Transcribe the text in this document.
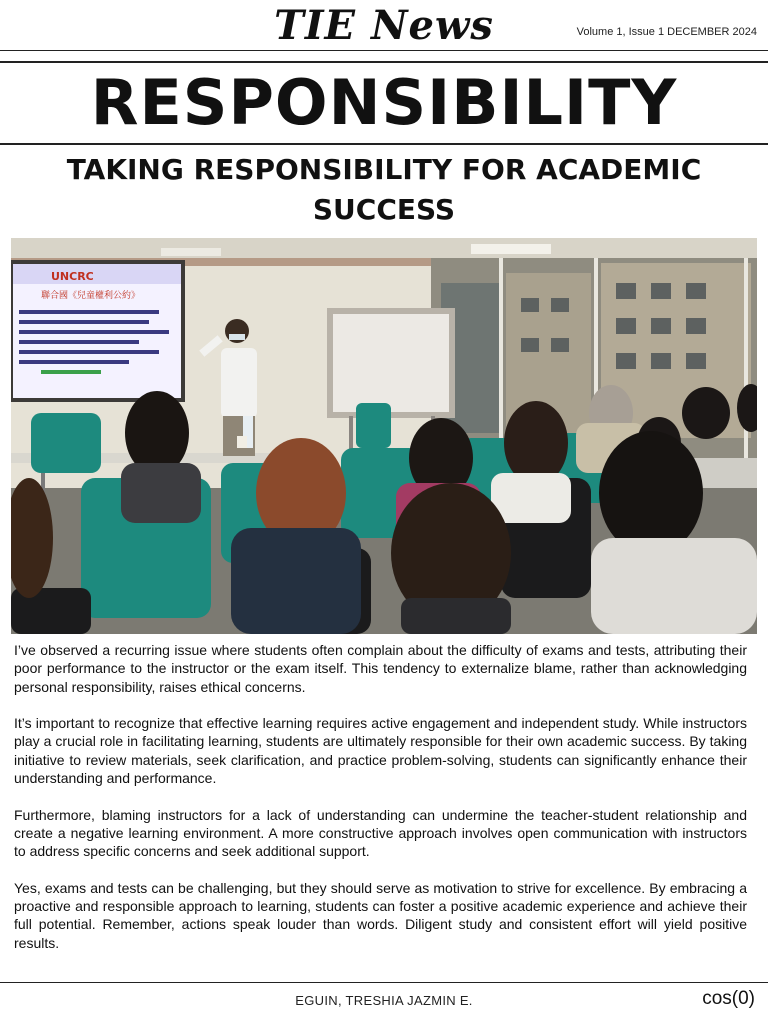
TIE News	Volume 1, Issue 1 DECEMBER 2024
RESPONSIBILITY
TAKING RESPONSIBILITY FOR ACADEMIC SUCCESS
UNCRC
聯合國《兒童權利公約》

I’ve observed a recurring issue where students often complain about the difficulty of exams and tests, attributing their poor performance to the instructor or the exam itself. This tendency to externalize blame, rather than acknowledging personal responsibility, raises ethical concerns.

It’s important to recognize that effective learning requires active engagement and independent study. While instructors play a crucial role in facilitating learning, students are ultimately responsible for their own academic success. By taking initiative to review materials, seek clarification, and practice problem-solving, students can significantly enhance their understanding and performance.

Furthermore, blaming instructors for a lack of understanding can undermine the teacher-student relationship and create a negative learning environment. A more constructive approach involves open communication with instructors to address specific concerns and seek additional support.

Yes, exams and tests can be challenging, but they should serve as motivation to strive for excellence. By embracing a proactive and responsible approach to learning, students can foster a positive academic experience and achieve their full potential. Remember, actions speak louder than words. Diligent study and consistent effort will yield positive results.

EGUIN, TRESHIA JAZMIN E.	cos(0)
